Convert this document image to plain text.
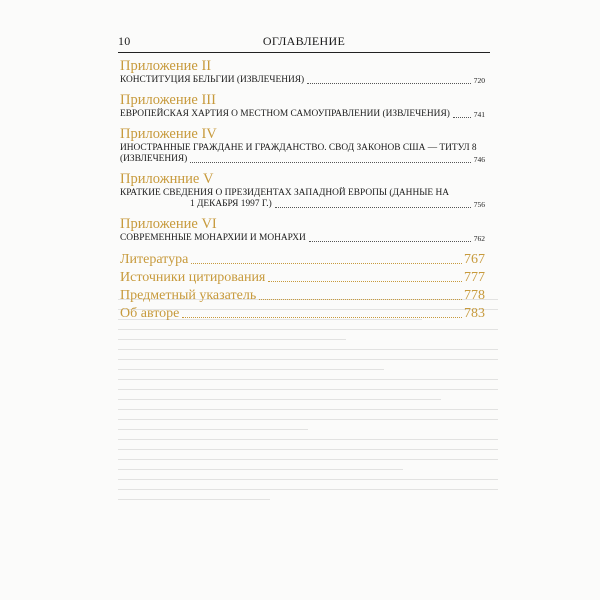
10	ОГЛАВЛЕНИЕ
Приложение II
КОНСТИТУЦИЯ БЕЛЬГИИ (ИЗВЛЕЧЕНИЯ)	720
Приложение III
ЕВРОПЕЙСКАЯ ХАРТИЯ О МЕСТНОМ САМОУПРАВЛЕНИИ (ИЗВЛЕЧЕНИЯ)	741
Приложение IV
ИНОСТРАННЫЕ ГРАЖДАНЕ И ГРАЖДАНСТВО. СВОД ЗАКОНОВ США — ТИТУЛ 8
(ИЗВЛЕЧЕНИЯ)	746
Приложнние V
КРАТКИЕ СВЕДЕНИЯ О ПРЕЗИДЕНТАХ ЗАПАДНОЙ ЕВРОПЫ (ДАННЫЕ НА
1 ДЕКАБРЯ 1997 Г.)	756
Приложение VI
СОВРЕМЕННЫЕ МОНАРХИИ И МОНАРХИ	762
Литература	767
Источники цитирования	777
Предметный указатель	778
Об авторе	783
